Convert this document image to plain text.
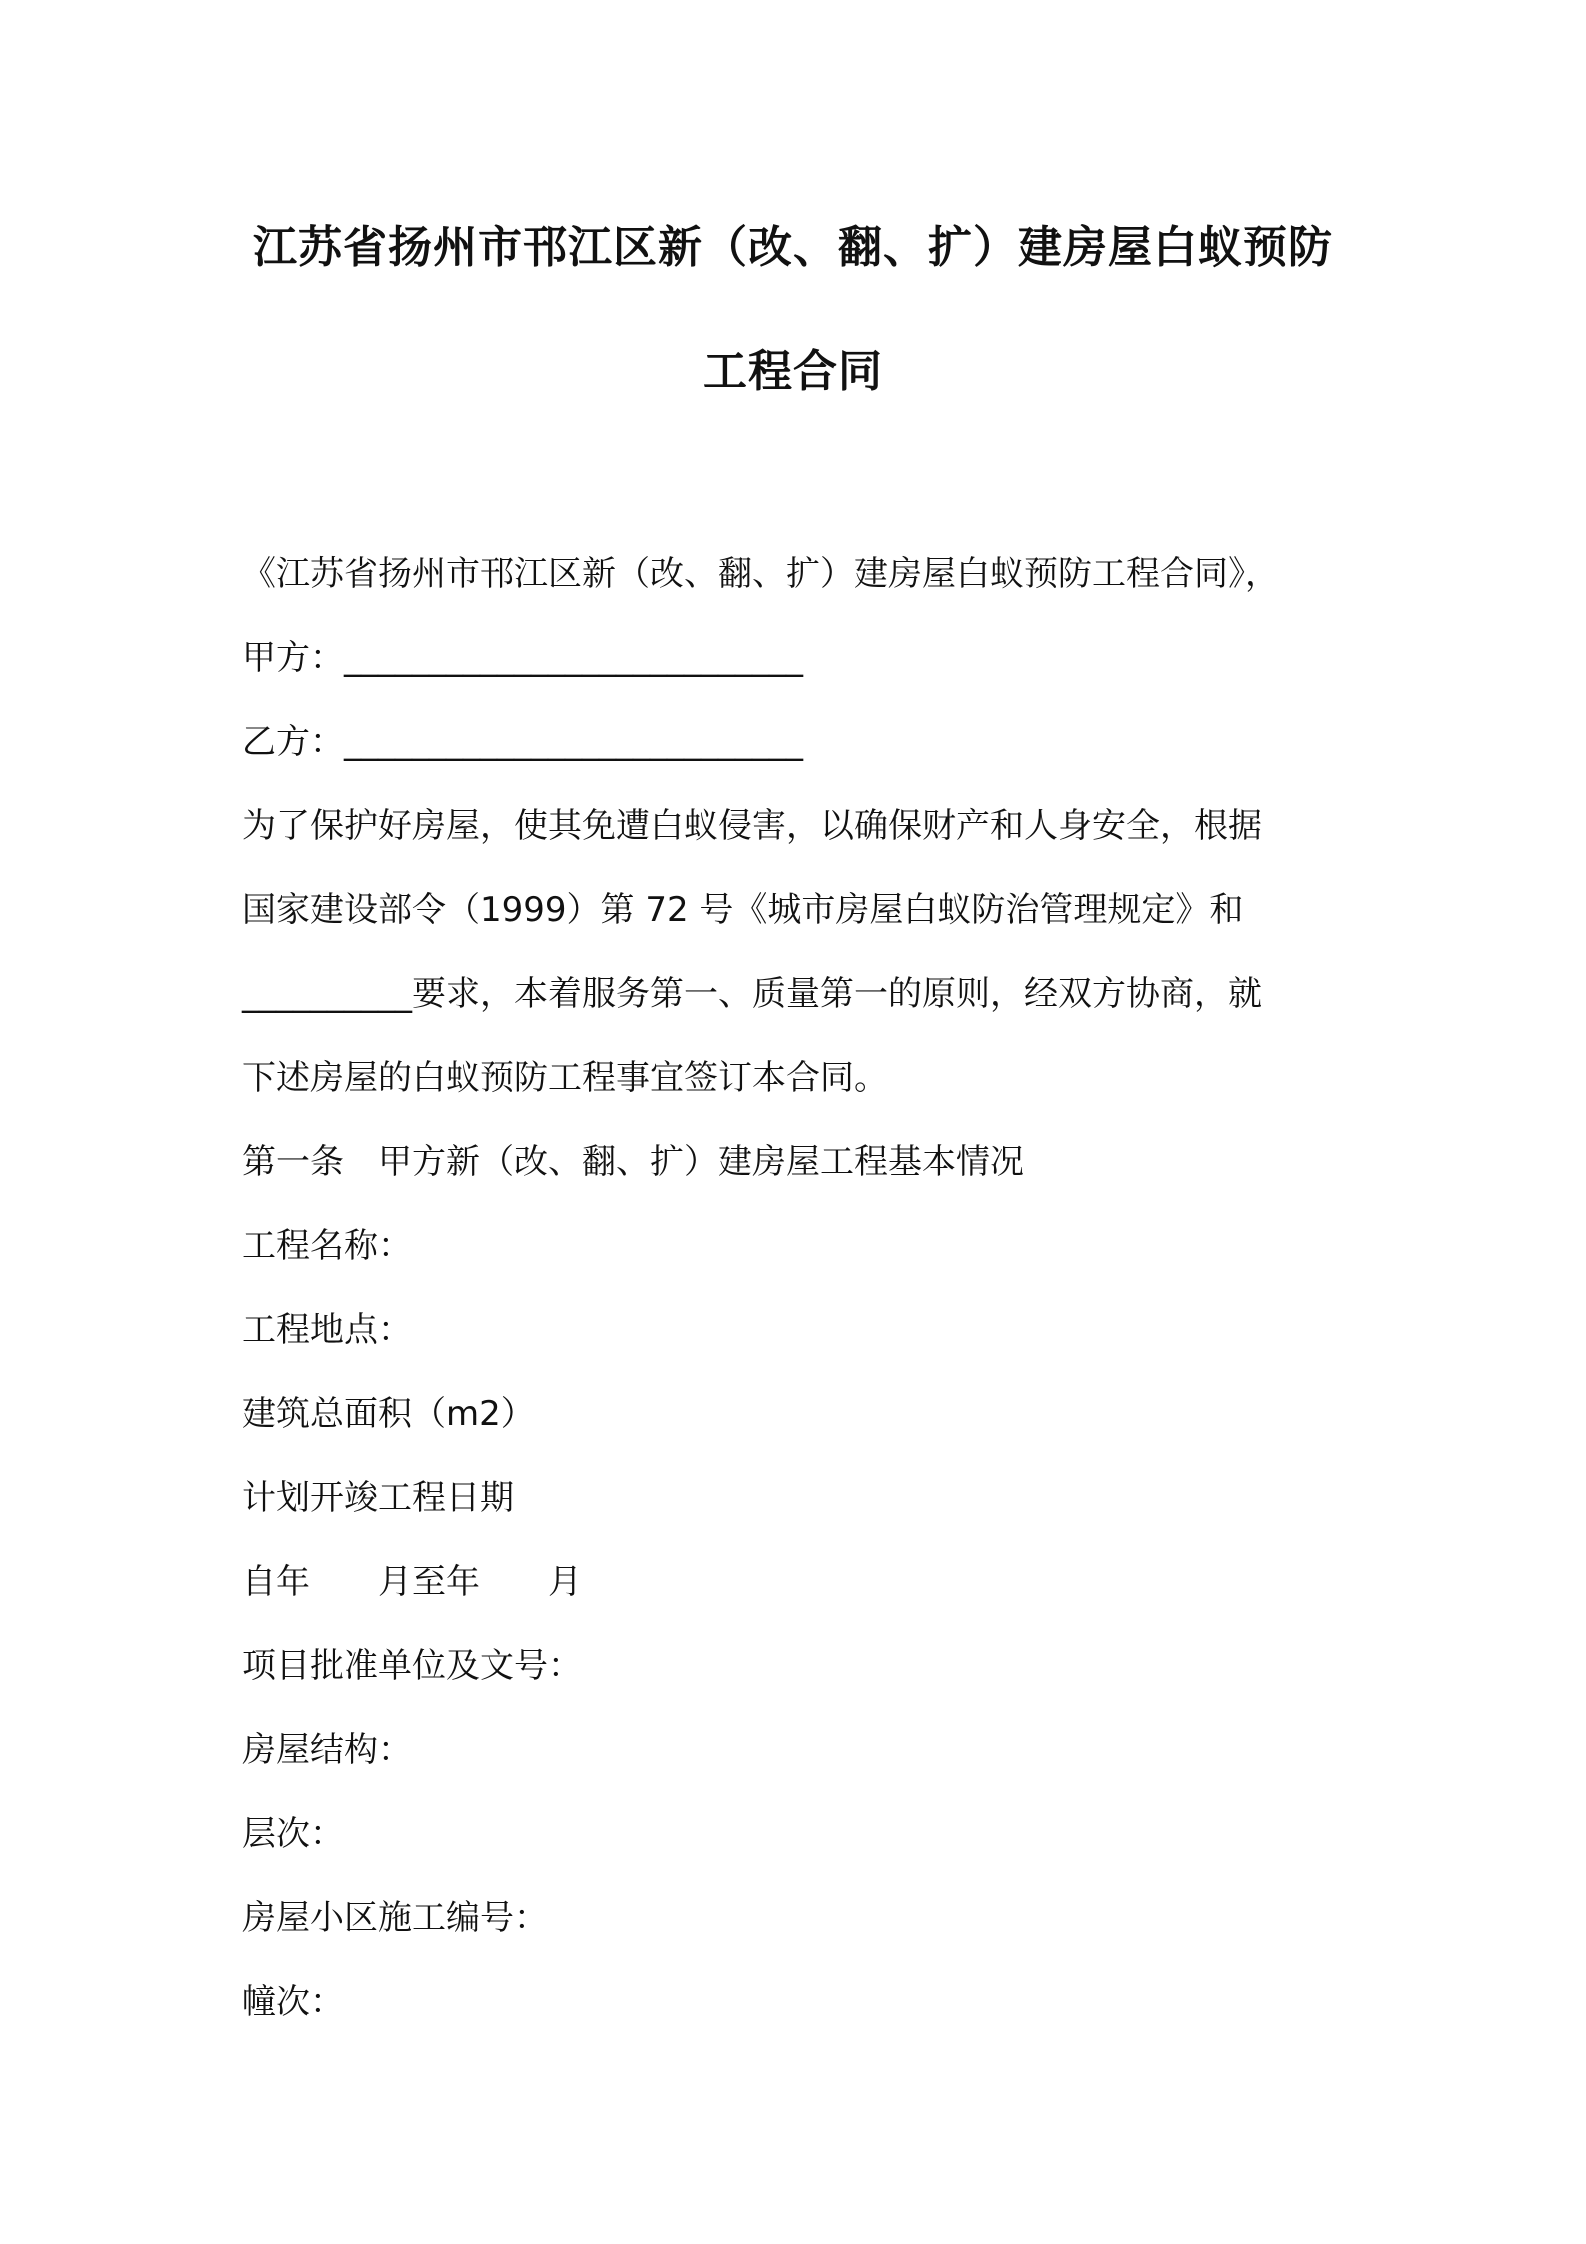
江苏省扬州市邗江区新（改、翻、扩）建房屋白蚁预防
工程合同

《江苏省扬州市邗江区新（改、翻、扩）建房屋白蚁预防工程合同》，

甲方：___________________________

乙方：___________________________

为了保护好房屋，使其免遭白蚁侵害，以确保财产和人身安全，根据

国家建设部令（1999）第 72 号《城市房屋白蚁防治管理规定》和

__________要求，本着服务第一、质量第一的原则，经双方协商，就

下述房屋的白蚁预防工程事宜签订本合同。

第一条　甲方新（改、翻、扩）建房屋工程基本情况

工程名称：

工程地点：

建筑总面积（m2）

计划开竣工程日期

自年　　月至年　　月

项目批准单位及文号：

房屋结构：

层次：

房屋小区施工编号：

幢次：
